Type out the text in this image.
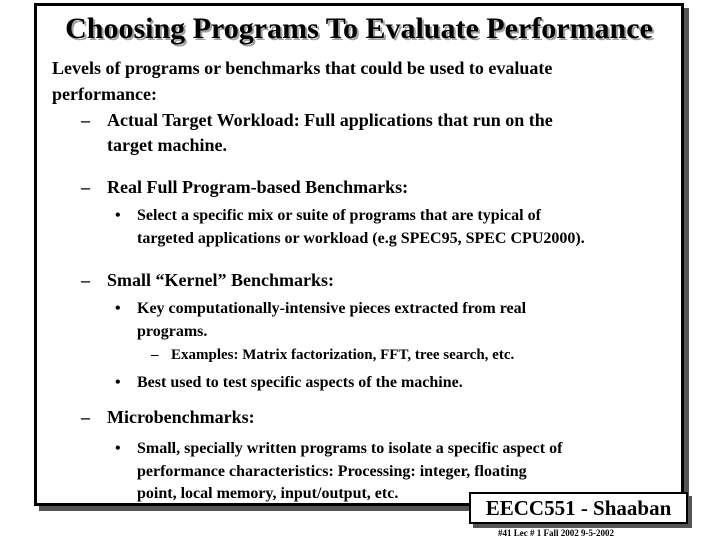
Choosing Programs To Evaluate Performance
Levels of programs or benchmarks that could be used to evaluate
performance:
– Actual Target Workload: Full applications that run on the
target machine.
– Real Full Program-based Benchmarks:
• Select a specific mix or suite of programs that are typical of
targeted applications or workload (e.g SPEC95, SPEC CPU2000).
– Small “Kernel” Benchmarks:
• Key computationally-intensive pieces extracted from real
programs.
– Examples: Matrix factorization, FFT, tree search, etc.
• Best used to test specific aspects of the machine.
– Microbenchmarks:
• Small, specially written programs to isolate a specific aspect of
performance characteristics: Processing: integer, floating
point, local memory, input/output, etc.
EECC551 - Shaaban
#41 Lec # 1 Fall 2002 9-5-2002
